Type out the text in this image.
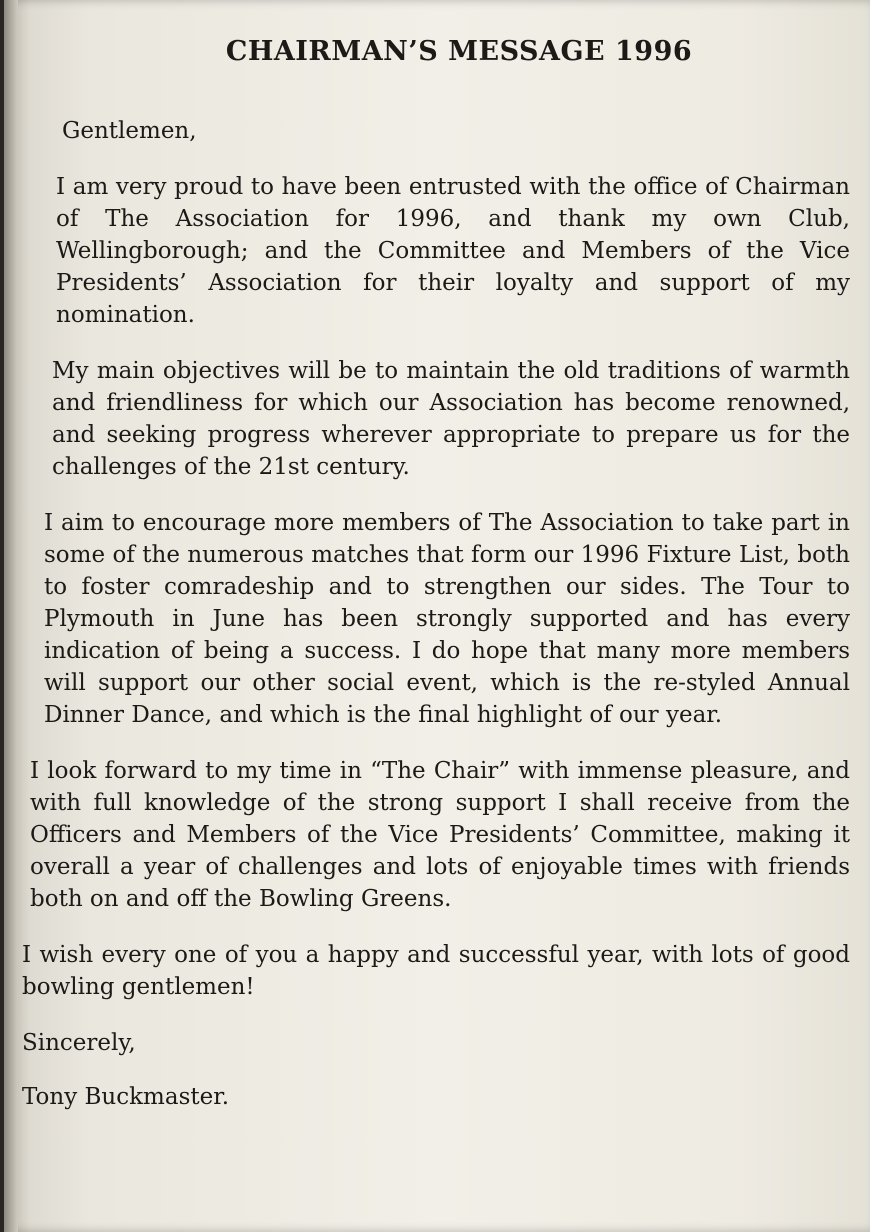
CHAIRMAN’S MESSAGE 1996

Gentlemen,

I am very proud to have been entrusted with the office of Chairman of The Association for 1996, and thank my own Club, Wellingborough; and the Committee and Members of the Vice Presidents’ Association for their loyalty and support of my nomination.

My main objectives will be to maintain the old traditions of warmth and friendliness for which our Association has become renowned, and seeking progress wherever appropriate to prepare us for the challenges of the 21st century.

I aim to encourage more members of The Association to take part in some of the numerous matches that form our 1996 Fixture List, both to foster comradeship and to strengthen our sides. The Tour to Plymouth in June has been strongly supported and has every indication of being a success. I do hope that many more members will support our other social event, which is the re-styled Annual Dinner Dance, and which is the final highlight of our year.

I look forward to my time in “The Chair” with immense pleasure, and with full knowledge of the strong support I shall receive from the Officers and Members of the Vice Presidents’ Committee, making it overall a year of challenges and lots of enjoyable times with friends both on and off the Bowling Greens.

I wish every one of you a happy and successful year, with lots of good bowling gentlemen!

Sincerely,

Tony Buckmaster.
